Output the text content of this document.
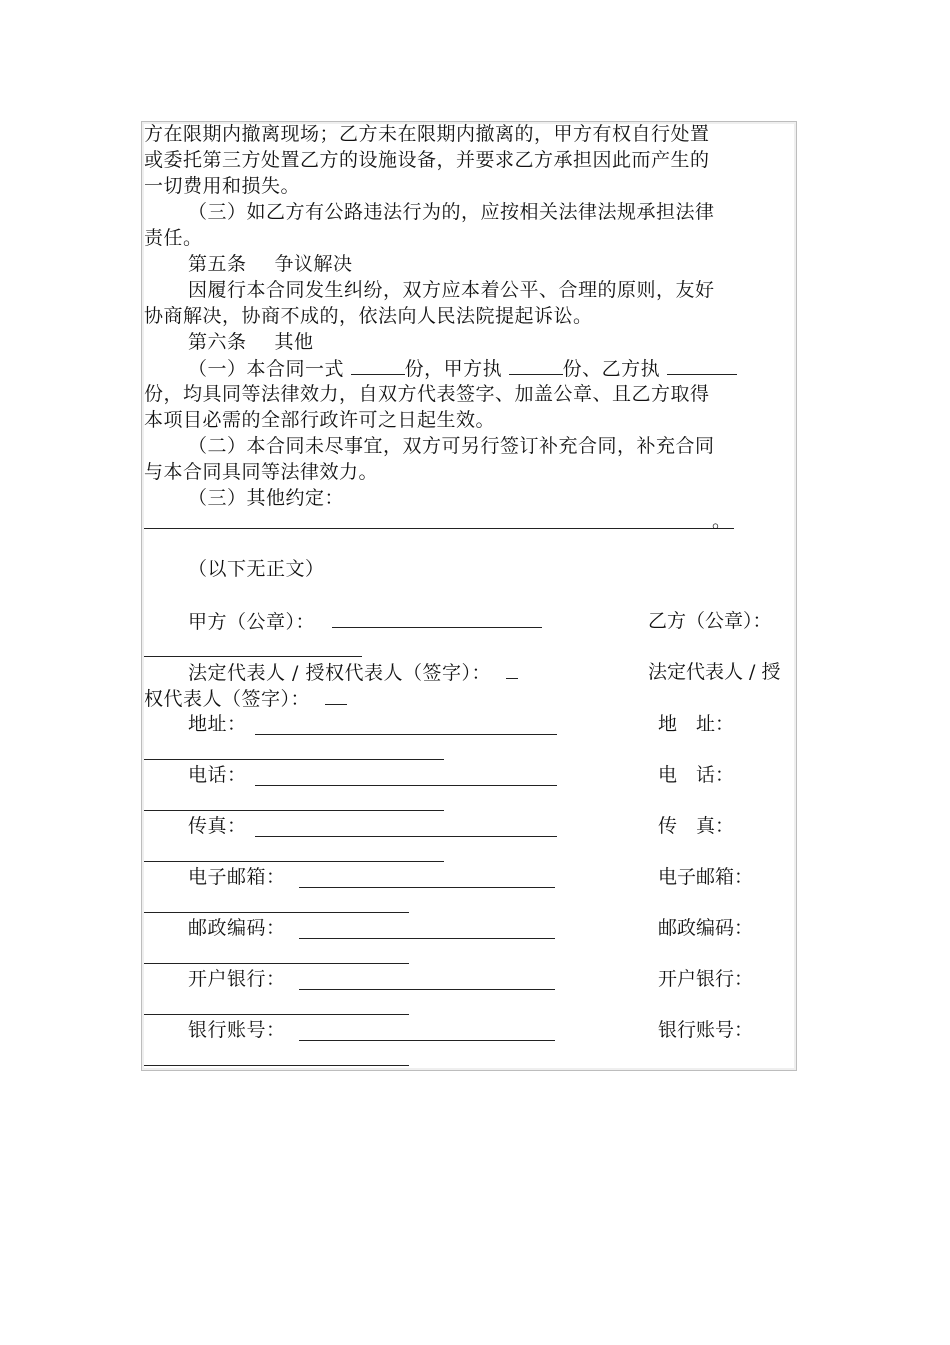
方在限期内撤离现场；乙方未在限期内撤离的，甲方有权自行处置
或委托第三方处置乙方的设施设备，并要求乙方承担因此而产生的
一切费用和损失。
（三）如乙方有公路违法行为的，应按相关法律法规承担法律
责任。
第五条 争议解决
因履行本合同发生纠纷，双方应本着公平、合理的原则，友好
协商解决，协商不成的，依法向人民法院提起诉讼。
第六条 其他
（一）本合同一式	份，甲方执	份、乙方执
份，均具同等法律效力，自双方代表签字、加盖公章、且乙方取得
本项目必需的全部行政许可之日起生效。
（二）本合同未尽事宜，双方可另行签订补充合同，补充合同
与本合同具同等法律效力。
（三）其他约定：
。
（以下无正文）
甲方（公章）：	乙方（公章）：
法定代表人 / 授权代表人（签字）：	法定代表人 / 授
权代表人（签字）：
地址：	地　址：
电话：	电　话：
传真：	传　真：
电子邮箱：	电子邮箱：
邮政编码：	邮政编码：
开户银行：	开户银行：
银行账号：	银行账号：
